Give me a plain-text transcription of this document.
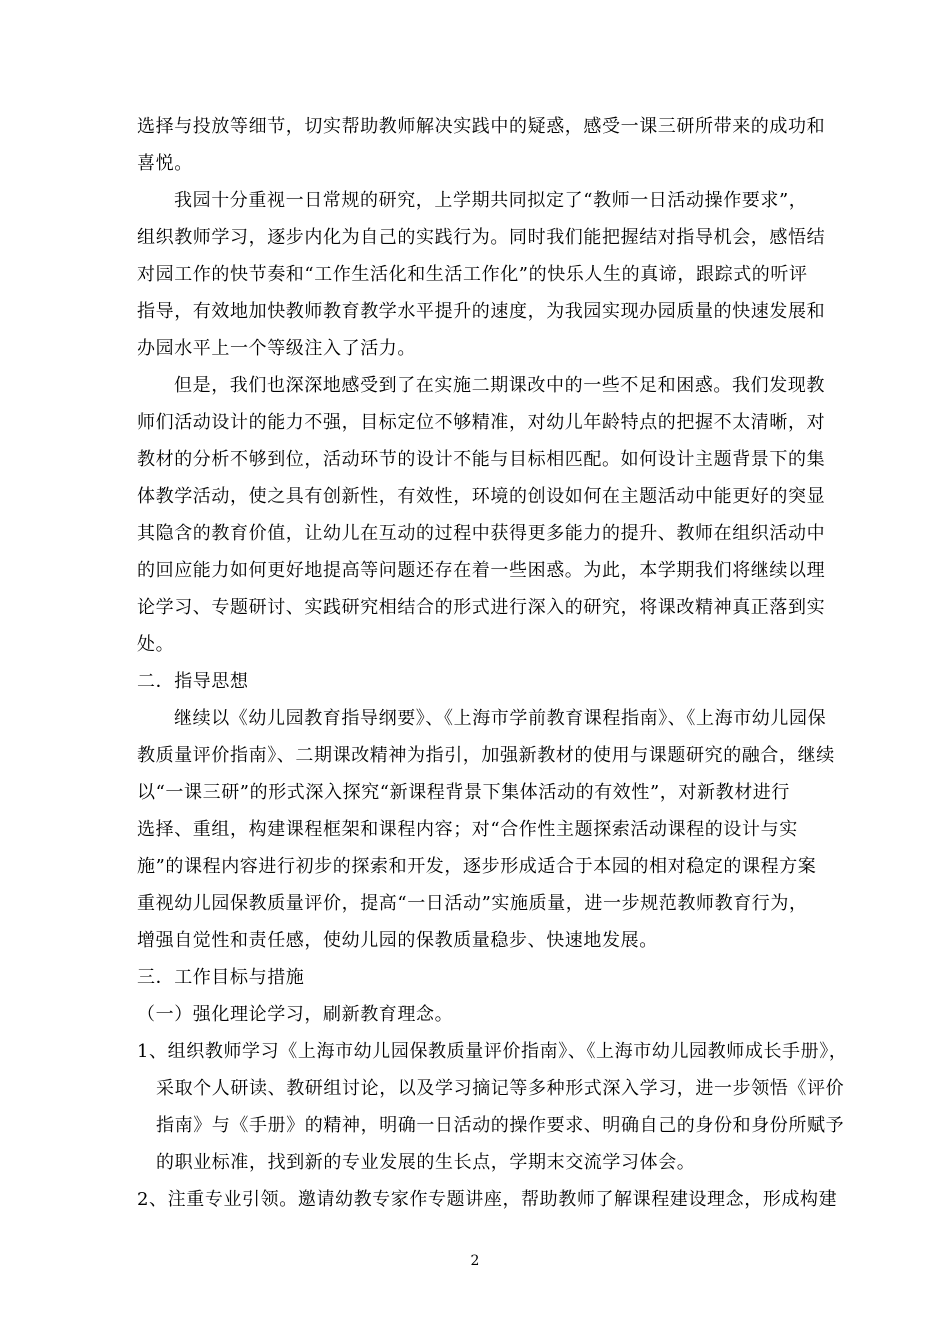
选择与投放等细节，切实帮助教师解决实践中的疑惑，感受一课三研所带来的成功和
喜悦。
我园十分重视一日常规的研究，上学期共同拟定了“教师一日活动操作要求”，
组织教师学习，逐步内化为自己的实践行为。同时我们能把握结对指导机会，感悟结
对园工作的快节奏和“工作生活化和生活工作化”的快乐人生的真谛，跟踪式的听评
指导，有效地加快教师教育教学水平提升的速度，为我园实现办园质量的快速发展和
办园水平上一个等级注入了活力。
但是，我们也深深地感受到了在实施二期课改中的一些不足和困惑。我们发现教
师们活动设计的能力不强，目标定位不够精准，对幼儿年龄特点的把握不太清晰，对
教材的分析不够到位，活动环节的设计不能与目标相匹配。如何设计主题背景下的集
体教学活动，使之具有创新性，有效性，环境的创设如何在主题活动中能更好的突显
其隐含的教育价值，让幼儿在互动的过程中获得更多能力的提升、教师在组织活动中
的回应能力如何更好地提高等问题还存在着一些困惑。为此，本学期我们将继续以理
论学习、专题研讨、实践研究相结合的形式进行深入的研究，将课改精神真正落到实
处。
二．指导思想
继续以《幼儿园教育指导纲要》、《上海市学前教育课程指南》、《上海市幼儿园保
教质量评价指南》、二期课改精神为指引，加强新教材的使用与课题研究的融合，继续
以“一课三研”的形式深入探究“新课程背景下集体活动的有效性”，对新教材进行
选择、重组，构建课程框架和课程内容；对“合作性主题探索活动课程的设计与实
施”的课程内容进行初步的探索和开发，逐步形成适合于本园的相对稳定的课程方案
重视幼儿园保教质量评价，提高“一日活动”实施质量，进一步规范教师教育行为，
增强自觉性和责任感，使幼儿园的保教质量稳步、快速地发展。
三．工作目标与措施
（一）强化理论学习，刷新教育理念。
1、组织教师学习《上海市幼儿园保教质量评价指南》、《上海市幼儿园教师成长手册》，
采取个人研读、教研组讨论，以及学习摘记等多种形式深入学习，进一步领悟《评价
指南》与《手册》的精神，明确一日活动的操作要求、明确自己的身份和身份所赋予
的职业标准，找到新的专业发展的生长点，学期末交流学习体会。
2、注重专业引领。邀请幼教专家作专题讲座，帮助教师了解课程建设理念，形成构建
2
